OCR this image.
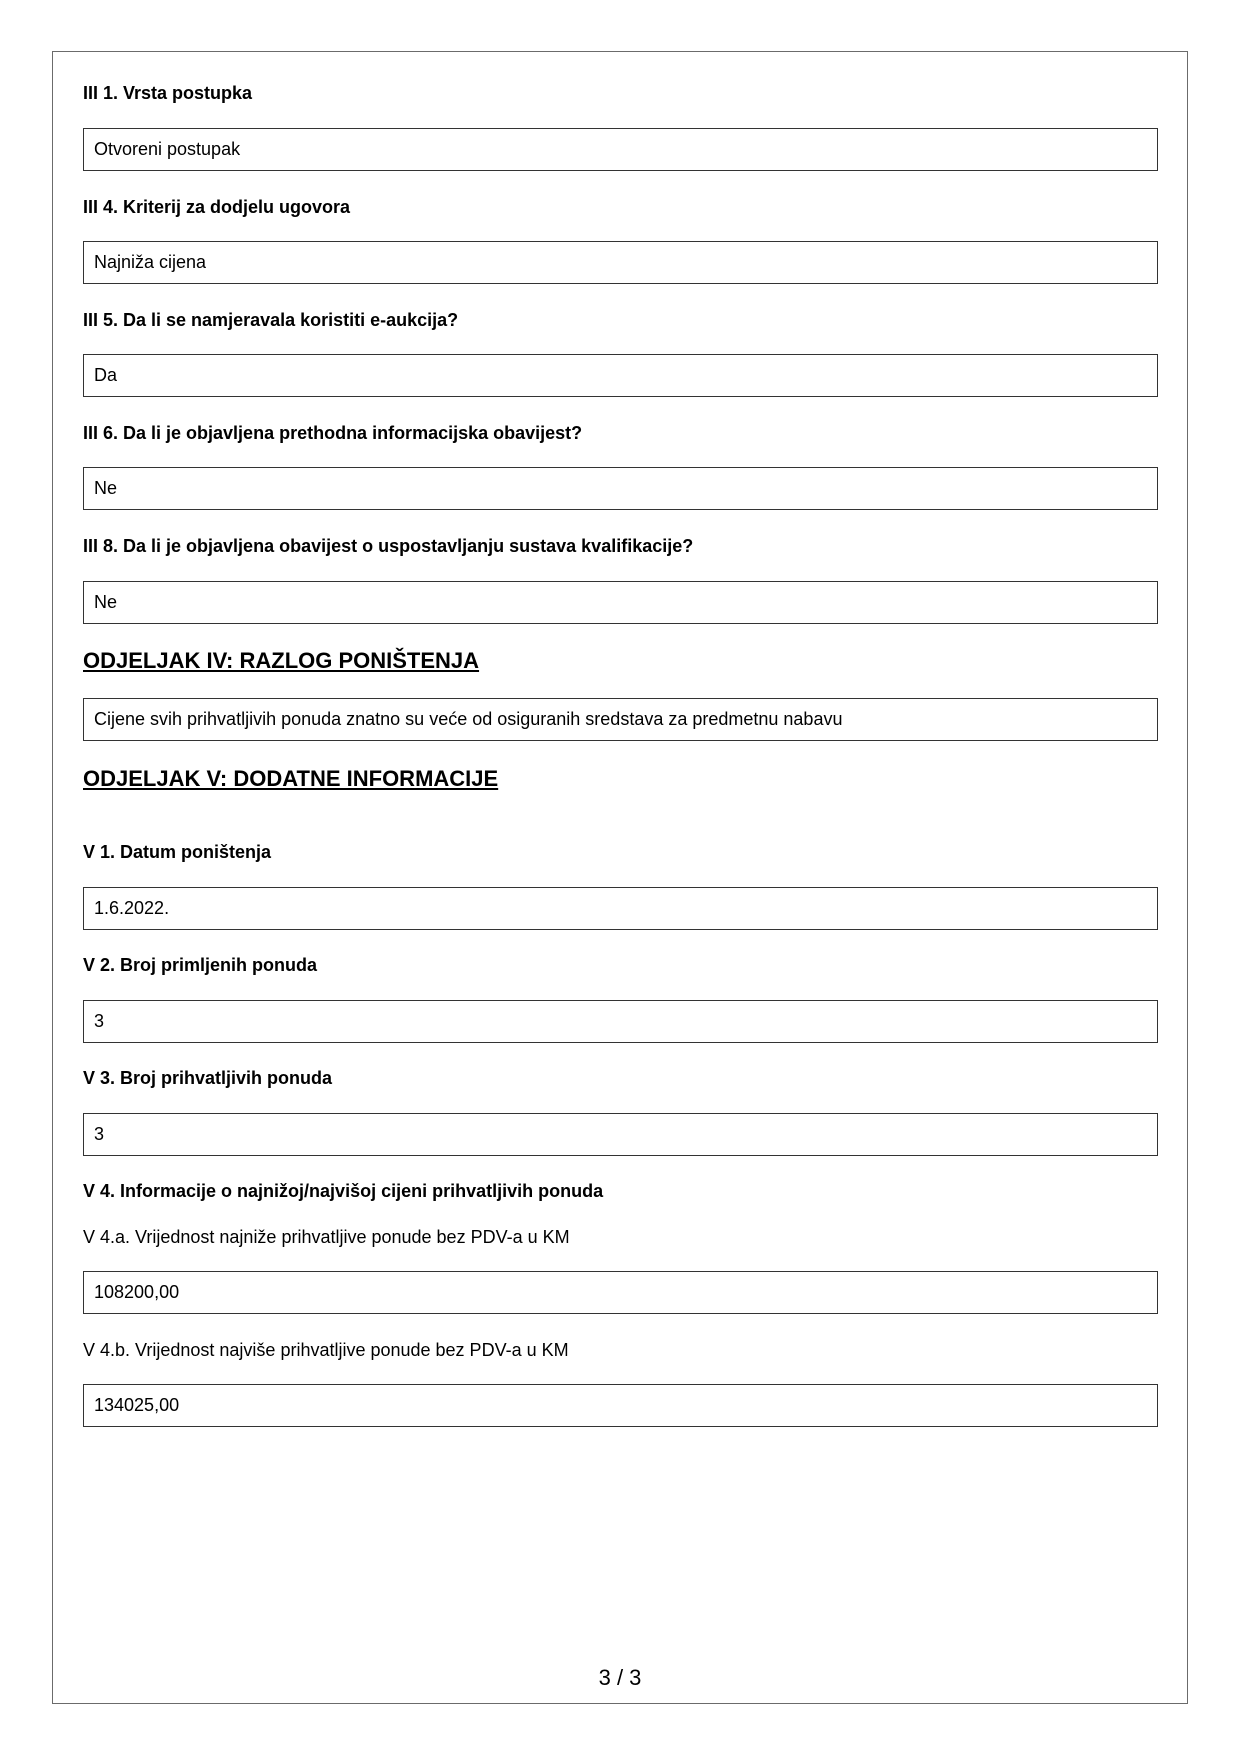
III 1. Vrsta postupka
Otvoreni postupak
III 4. Kriterij za dodjelu ugovora
Najniža cijena
III 5. Da li se namjeravala koristiti e-aukcija?
Da
III 6. Da li je objavljena prethodna informacijska obavijest?
Ne
III 8. Da li je objavljena obavijest o uspostavljanju sustava kvalifikacije?
Ne
ODJELJAK IV: RAZLOG PONIŠTENJA
Cijene svih prihvatljivih ponuda znatno su veće od osiguranih sredstava za predmetnu nabavu
ODJELJAK V: DODATNE INFORMACIJE
V 1. Datum poništenja
1.6.2022.
V 2. Broj primljenih ponuda
3
V 3. Broj prihvatljivih ponuda
3
V 4. Informacije o najnižoj/najvišoj cijeni prihvatljivih ponuda
V 4.a. Vrijednost najniže prihvatljive ponude bez PDV-a u KM
108200,00
V 4.b. Vrijednost najviše prihvatljive ponude bez PDV-a u KM
134025,00
3 / 3
